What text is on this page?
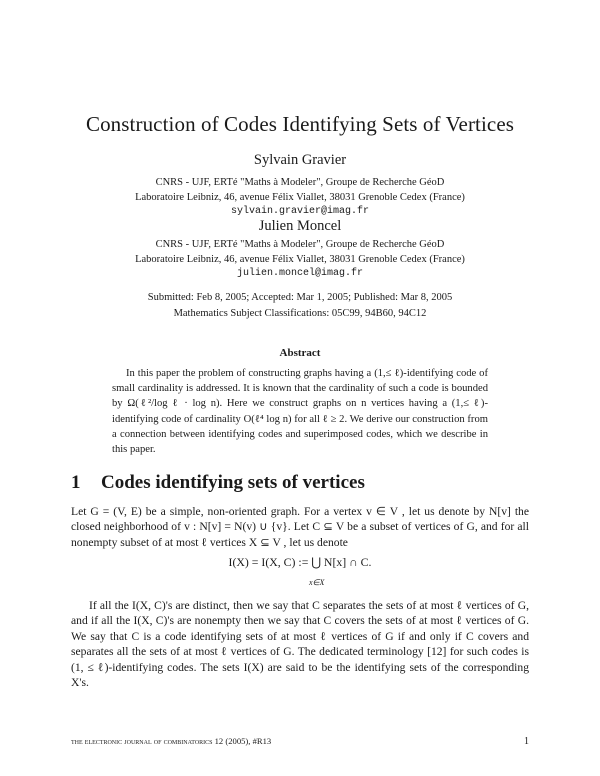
Construction of Codes Identifying Sets of Vertices
Sylvain Gravier
CNRS - UJF, ERTé "Maths à Modeler", Groupe de Recherche GéoD
Laboratoire Leibniz, 46, avenue Félix Viallet, 38031 Grenoble Cedex (France)
sylvain.gravier@imag.fr
Julien Moncel
CNRS - UJF, ERTé "Maths à Modeler", Groupe de Recherche GéoD
Laboratoire Leibniz, 46, avenue Félix Viallet, 38031 Grenoble Cedex (France)
julien.moncel@imag.fr
Submitted: Feb 8, 2005; Accepted: Mar 1, 2005; Published: Mar 8, 2005
Mathematics Subject Classifications: 05C99, 94B60, 94C12
Abstract
In this paper the problem of constructing graphs having a (1,≤ ℓ)-identifying code of small cardinality is addressed. It is known that the cardinality of such a code is bounded by Ω(ℓ²/log ℓ · log n). Here we construct graphs on n vertices having a (1,≤ ℓ)-identifying code of cardinality O(ℓ⁴ log n) for all ℓ ≥ 2. We derive our construction from a connection between identifying codes and superimposed codes, which we describe in this paper.
1 Codes identifying sets of vertices
Let G = (V, E) be a simple, non-oriented graph. For a vertex v ∈ V , let us denote by N[v] the closed neighborhood of v : N[v] = N(v) ∪ {v}. Let C ⊆ V be a subset of vertices of G, and for all nonempty subset of at most ℓ vertices X ⊆ V , let us denote
I(X) = I(X, C) := ⋃ N[x] ∩ C.
x∈X
If all the I(X, C)'s are distinct, then we say that C separates the sets of at most ℓ vertices of G, and if all the I(X, C)'s are nonempty then we say that C covers the sets of at most ℓ vertices of G. We say that C is a code identifying sets of at most ℓ vertices of G if and only if C covers and separates all the sets of at most ℓ vertices of G. The dedicated terminology [12] for such codes is (1, ≤ ℓ)-identifying codes. The sets I(X) are said to be the identifying sets of the corresponding X's.
the electronic journal of combinatorics 12 (2005), #R13	1
